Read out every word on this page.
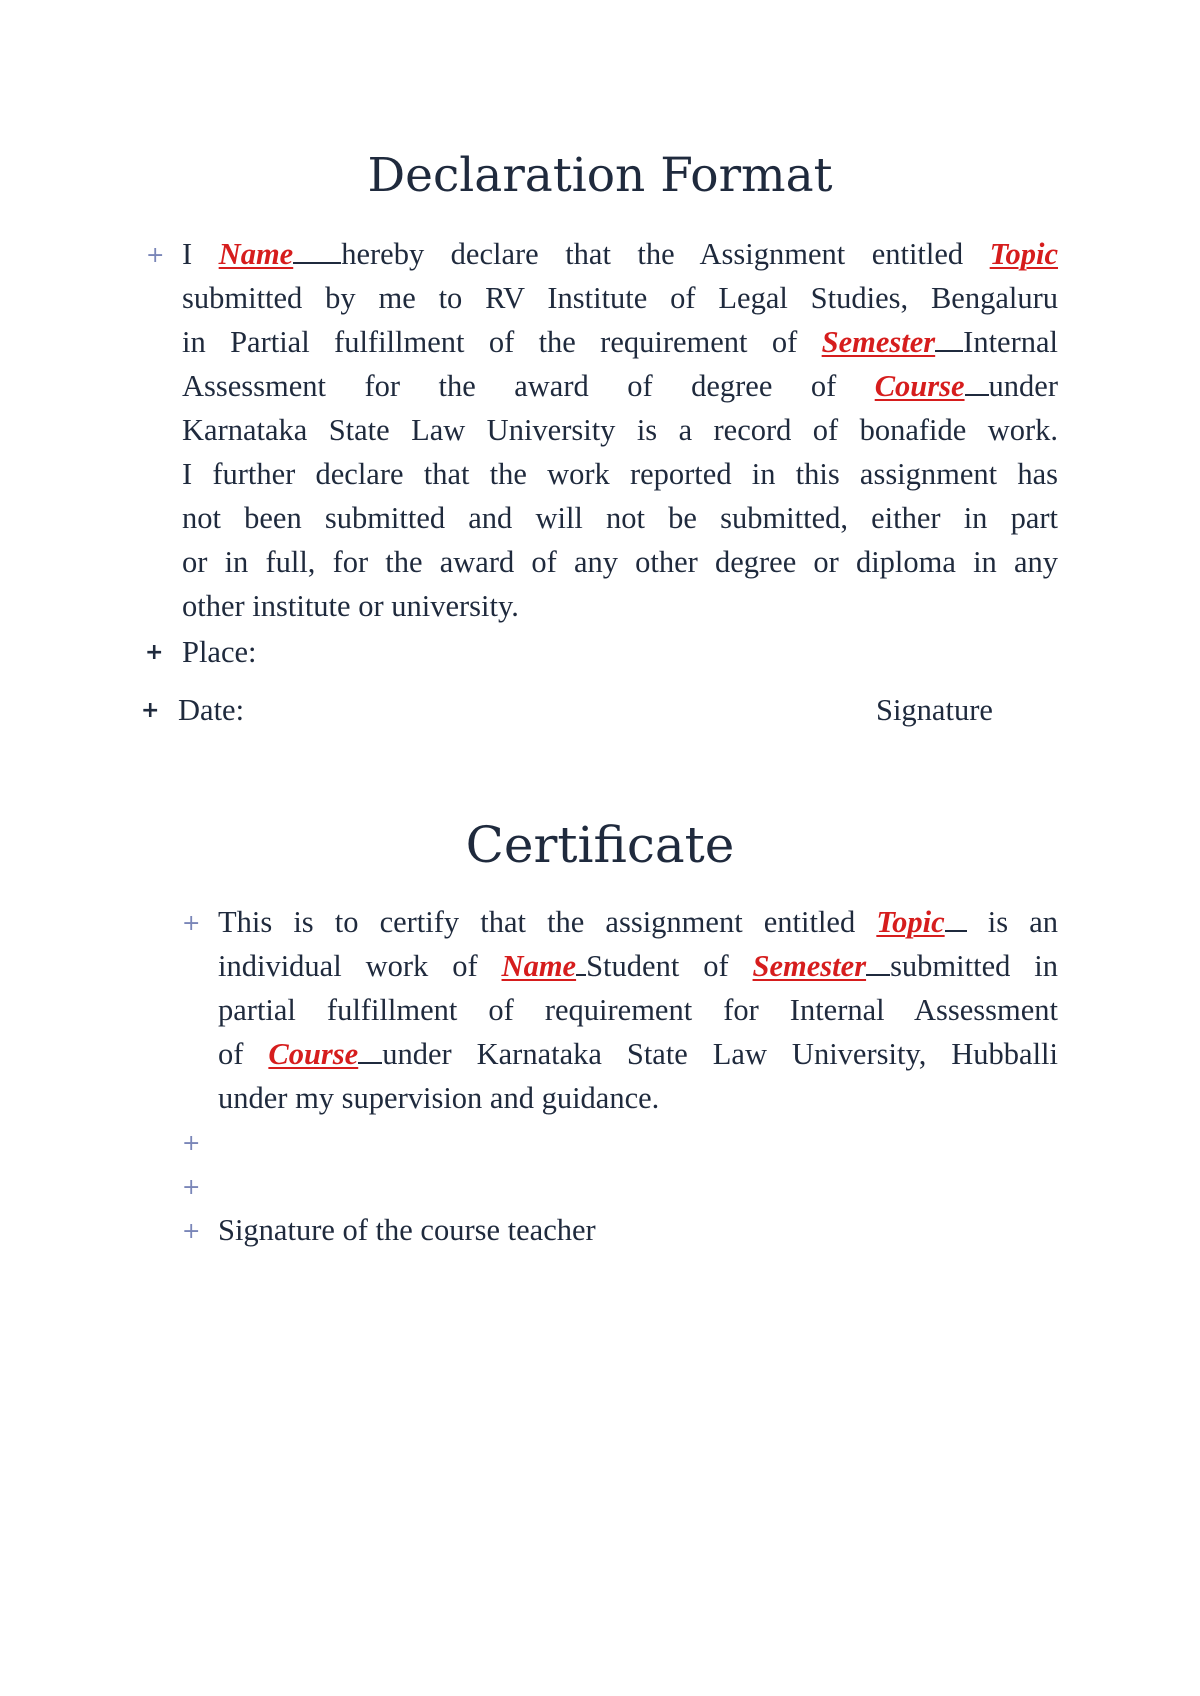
Declaration Format
+ I Name hereby declare that the Assignment entitled Topic
submitted by me to RV Institute of Legal Studies, Bengaluru
in Partial fulfillment of the requirement of Semester Internal
Assessment for the award of degree of Course under
Karnataka State Law University is a record of bonafide work.
I further declare that the work reported in this assignment has
not been submitted and will not be submitted, either in part
or in full, for the award of any other degree or diploma in any
other institute or university.
+ Place:
+ Date:	Signature
Certificate
+ This is to certify that the assignment entitled Topic is an
individual work of Name Student of Semester submitted in
partial fulfillment of requirement for Internal Assessment
of Course under Karnataka State Law University, Hubballi
under my supervision and guidance.
+
+
+ Signature of the course teacher
